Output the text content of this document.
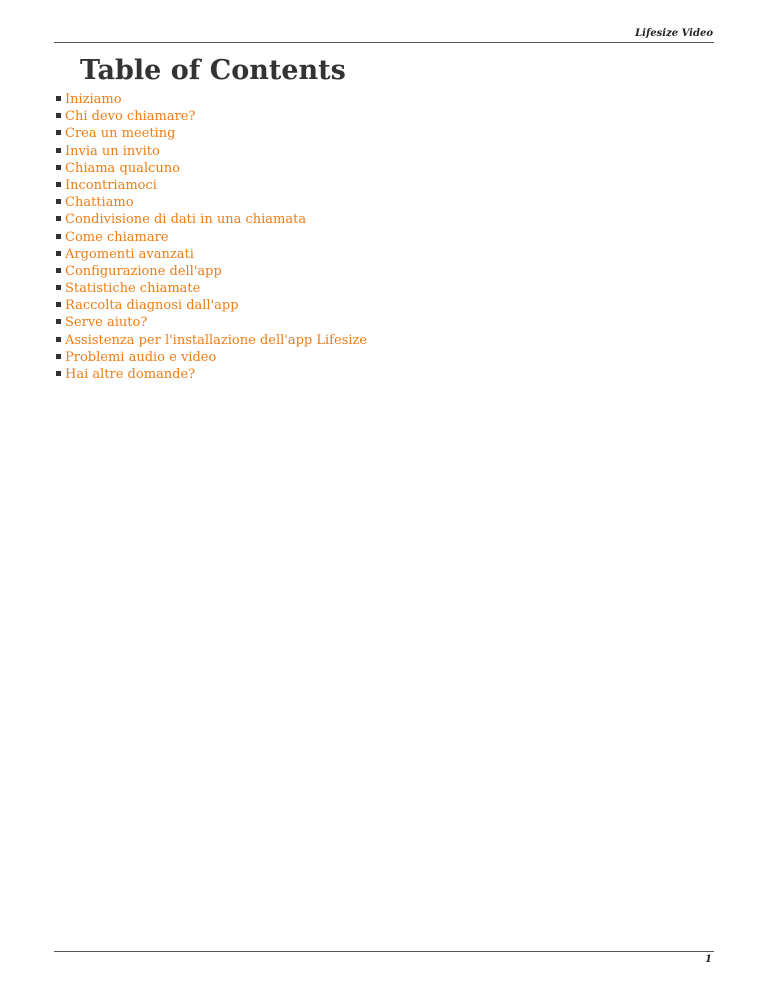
Lifesize Video
Table of Contents
Iniziamo
Chi devo chiamare?
Crea un meeting
Invia un invito
Chiama qualcuno
Incontriamoci
Chattiamo
Condivisione di dati in una chiamata
Come chiamare
Argomenti avanzati
Configurazione dell'app
Statistiche chiamate
Raccolta diagnosi dall'app
Serve aiuto?
Assistenza per l'installazione dell'app Lifesize
Problemi audio e video
Hai altre domande?
1
